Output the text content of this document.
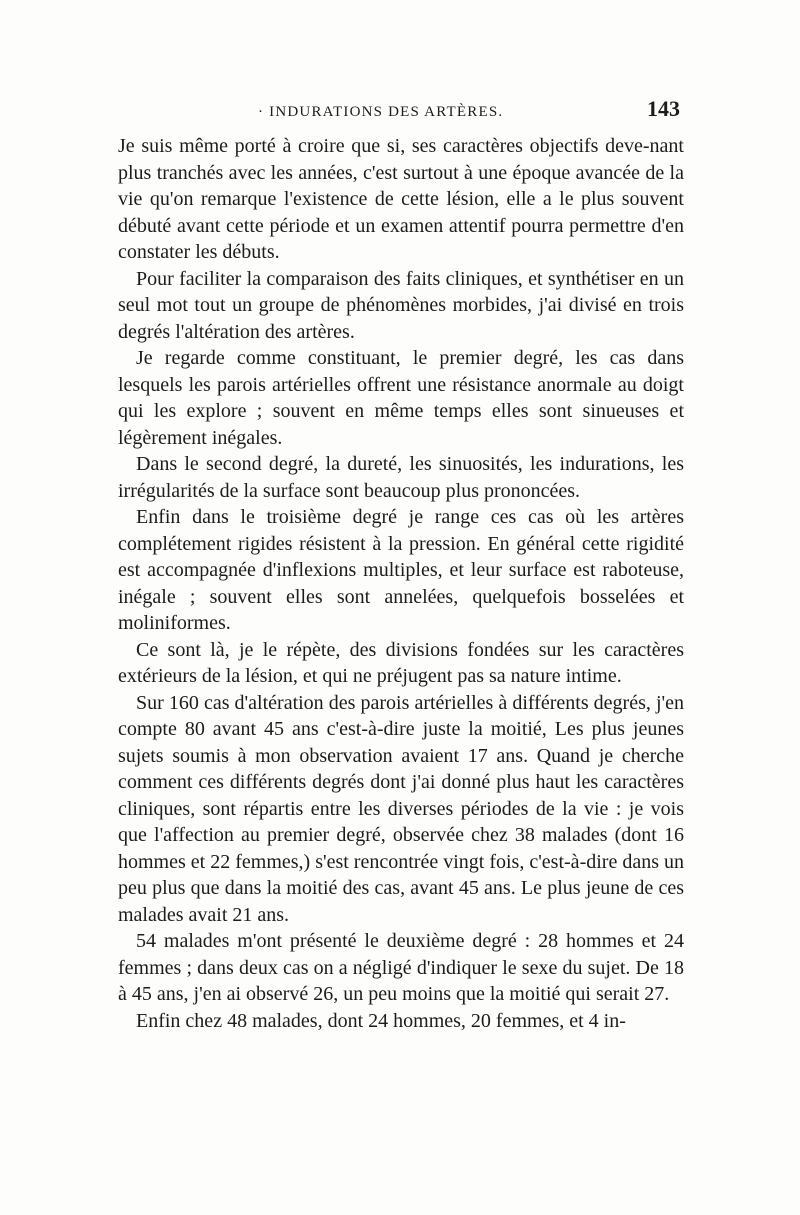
· INDURATIONS DES ARTÈRES.	143

Je suis même porté à croire que si, ses caractères objectifs deve-nant plus tranchés avec les années, c'est surtout à une époque avancée de la vie qu'on remarque l'existence de cette lésion, elle a le plus souvent débuté avant cette période et un examen attentif pourra permettre d'en constater les débuts.

Pour faciliter la comparaison des faits cliniques, et synthétiser en un seul mot tout un groupe de phénomènes morbides, j'ai divisé en trois degrés l'altération des artères.

Je regarde comme constituant, le premier degré, les cas dans lesquels les parois artérielles offrent une résistance anormale au doigt qui les explore ; souvent en même temps elles sont sinueuses et légèrement inégales.

Dans le second degré, la dureté, les sinuosités, les indurations, les irrégularités de la surface sont beaucoup plus prononcées.

Enfin dans le troisième degré je range ces cas où les artères complétement rigides résistent à la pression. En général cette rigidité est accompagnée d'inflexions multiples, et leur surface est raboteuse, inégale ; souvent elles sont annelées, quelquefois bosselées et moliniformes.

Ce sont là, je le répète, des divisions fondées sur les caractères extérieurs de la lésion, et qui ne préjugent pas sa nature intime.

Sur 160 cas d'altération des parois artérielles à différents degrés, j'en compte 80 avant 45 ans c'est-à-dire juste la moitié, Les plus jeunes sujets soumis à mon observation avaient 17 ans. Quand je cherche comment ces différents degrés dont j'ai donné plus haut les caractères cliniques, sont répartis entre les diverses périodes de la vie : je vois que l'affection au premier degré, observée chez 38 malades (dont 16 hommes et 22 femmes,) s'est rencontrée vingt fois, c'est-à-dire dans un peu plus que dans la moitié des cas, avant 45 ans. Le plus jeune de ces malades avait 21 ans.

54 malades m'ont présenté le deuxième degré : 28 hommes et 24 femmes ; dans deux cas on a négligé d'indiquer le sexe du sujet. De 18 à 45 ans, j'en ai observé 26, un peu moins que la moitié qui serait 27.

Enfin chez 48 malades, dont 24 hommes, 20 femmes, et 4 in-
